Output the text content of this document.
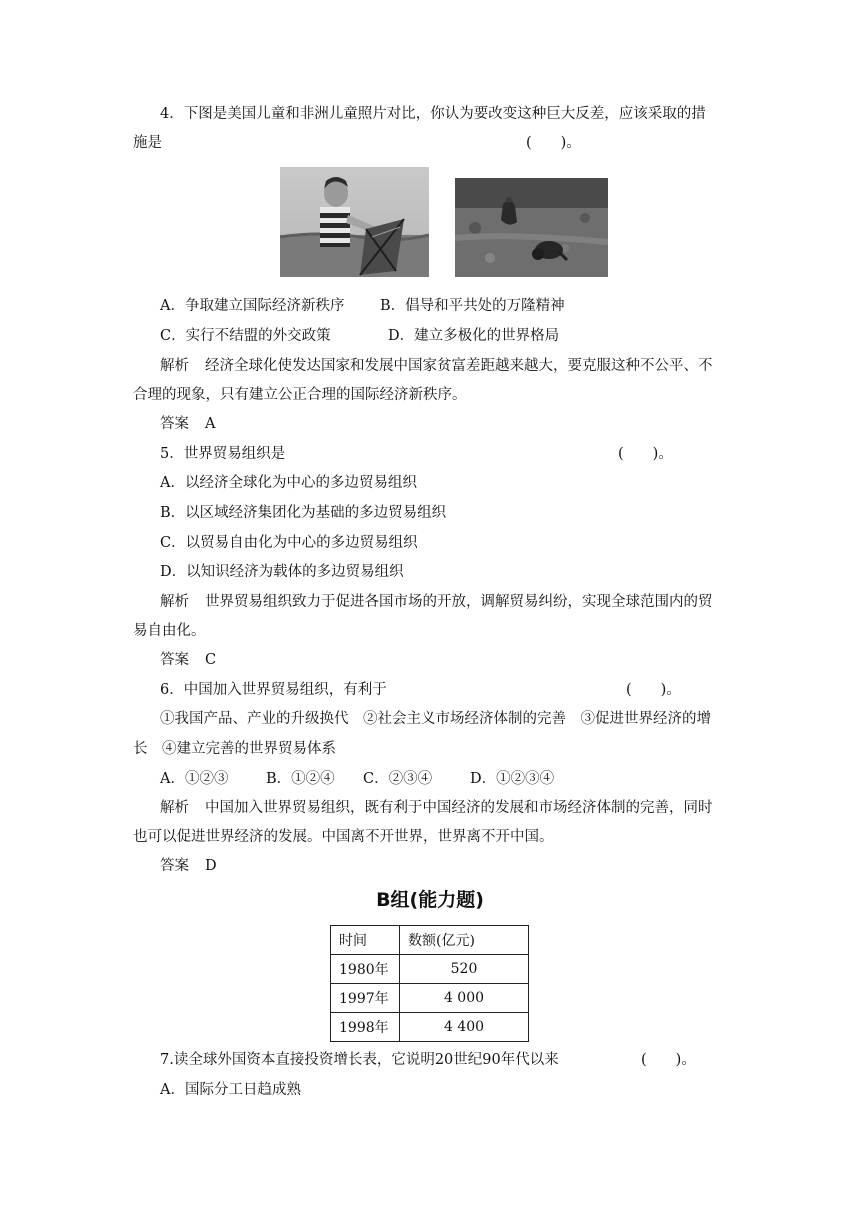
4．下图是美国儿童和非洲儿童照片对比，你认为要改变这种巨大反差，应该采取的措
施是	(　　)。
A．争取建立国际经济新秩序 B．倡导和平共处的万隆精神
C．实行不结盟的外交政策	D．建立多极化的世界格局
解析 经济全球化使发达国家和发展中国家贫富差距越来越大，要克服这种不公平、不
合理的现象，只有建立公正合理的国际经济新秩序。
答案 A
5．世界贸易组织是	(　　)。
A．以经济全球化为中心的多边贸易组织
B．以区域经济集团化为基础的多边贸易组织
C．以贸易自由化为中心的多边贸易组织
D．以知识经济为载体的多边贸易组织
解析 世界贸易组织致力于促进各国市场的开放，调解贸易纠纷，实现全球范围内的贸
易自由化。
答案 C
6．中国加入世界贸易组织，有利于	(　　)。
①我国产品、产业的升级换代　②社会主义市场经济体制的完善　③促进世界经济的增
长　④建立完善的世界贸易体系
A．①②③	B．①②④ C．②③④	D．①②③④
解析 中国加入世界贸易组织，既有利于中国经济的发展和市场经济体制的完善，同时
也可以促进世界经济的发展。中国离不开世界，世界离不开中国。
答案 D
B组(能力题)
时间	数额(亿元)
1980年	520
1997年	4 000
1998年	4 400
7.读全球外国资本直接投资增长表，它说明20世纪90年代以来	(　　)。
A．国际分工日趋成熟
